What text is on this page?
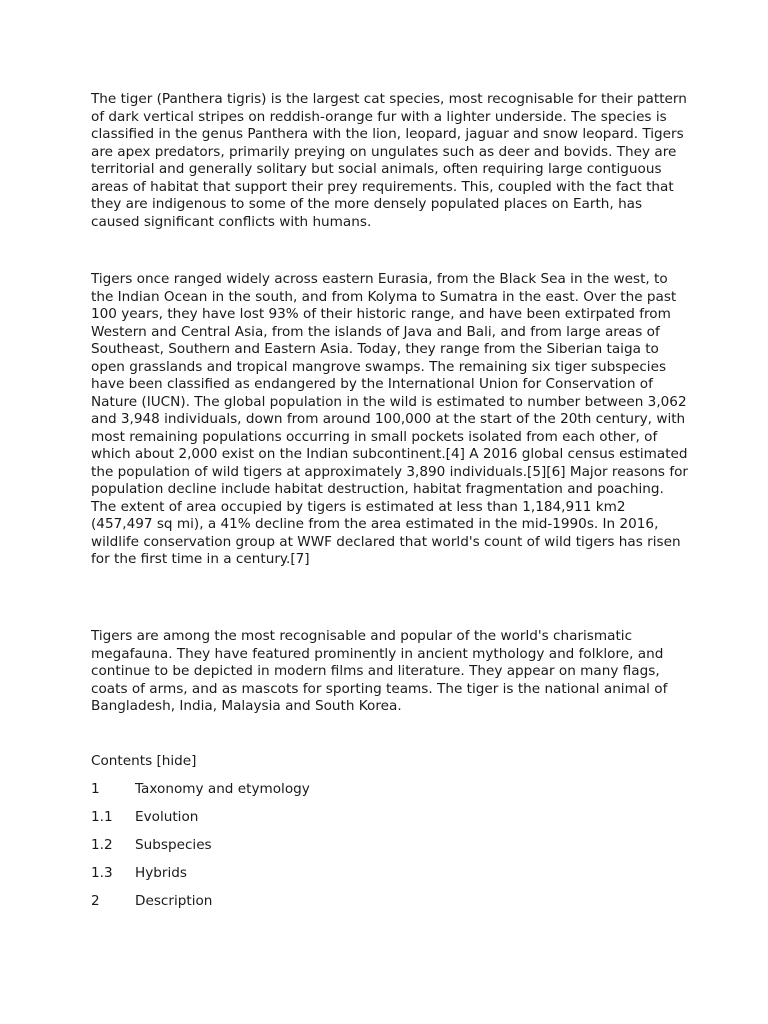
The tiger (Panthera tigris) is the largest cat species, most recognisable for their pattern of dark vertical stripes on reddish-orange fur with a lighter underside. The species is classified in the genus Panthera with the lion, leopard, jaguar and snow leopard. Tigers are apex predators, primarily preying on ungulates such as deer and bovids. They are territorial and generally solitary but social animals, often requiring large contiguous areas of habitat that support their prey requirements. This, coupled with the fact that they are indigenous to some of the more densely populated places on Earth, has caused significant conflicts with humans.

Tigers once ranged widely across eastern Eurasia, from the Black Sea in the west, to the Indian Ocean in the south, and from Kolyma to Sumatra in the east. Over the past 100 years, they have lost 93% of their historic range, and have been extirpated from Western and Central Asia, from the islands of Java and Bali, and from large areas of Southeast, Southern and Eastern Asia. Today, they range from the Siberian taiga to open grasslands and tropical mangrove swamps. The remaining six tiger subspecies have been classified as endangered by the International Union for Conservation of Nature (IUCN). The global population in the wild is estimated to number between 3,062 and 3,948 individuals, down from around 100,000 at the start of the 20th century, with most remaining populations occurring in small pockets isolated from each other, of which about 2,000 exist on the Indian subcontinent.[4] A 2016 global census estimated the population of wild tigers at approximately 3,890 individuals.[5][6] Major reasons for population decline include habitat destruction, habitat fragmentation and poaching. The extent of area occupied by tigers is estimated at less than 1,184,911 km2 (457,497 sq mi), a 41% decline from the area estimated in the mid-1990s. In 2016, wildlife conservation group at WWF declared that world's count of wild tigers has risen for the first time in a century.[7]

Tigers are among the most recognisable and popular of the world's charismatic megafauna. They have featured prominently in ancient mythology and folklore, and continue to be depicted in modern films and literature. They appear on many flags, coats of arms, and as mascots for sporting teams. The tiger is the national animal of Bangladesh, India, Malaysia and South Korea.

Contents [hide]
1	Taxonomy and etymology
1.1	Evolution
1.2	Subspecies
1.3	Hybrids
2	Description
